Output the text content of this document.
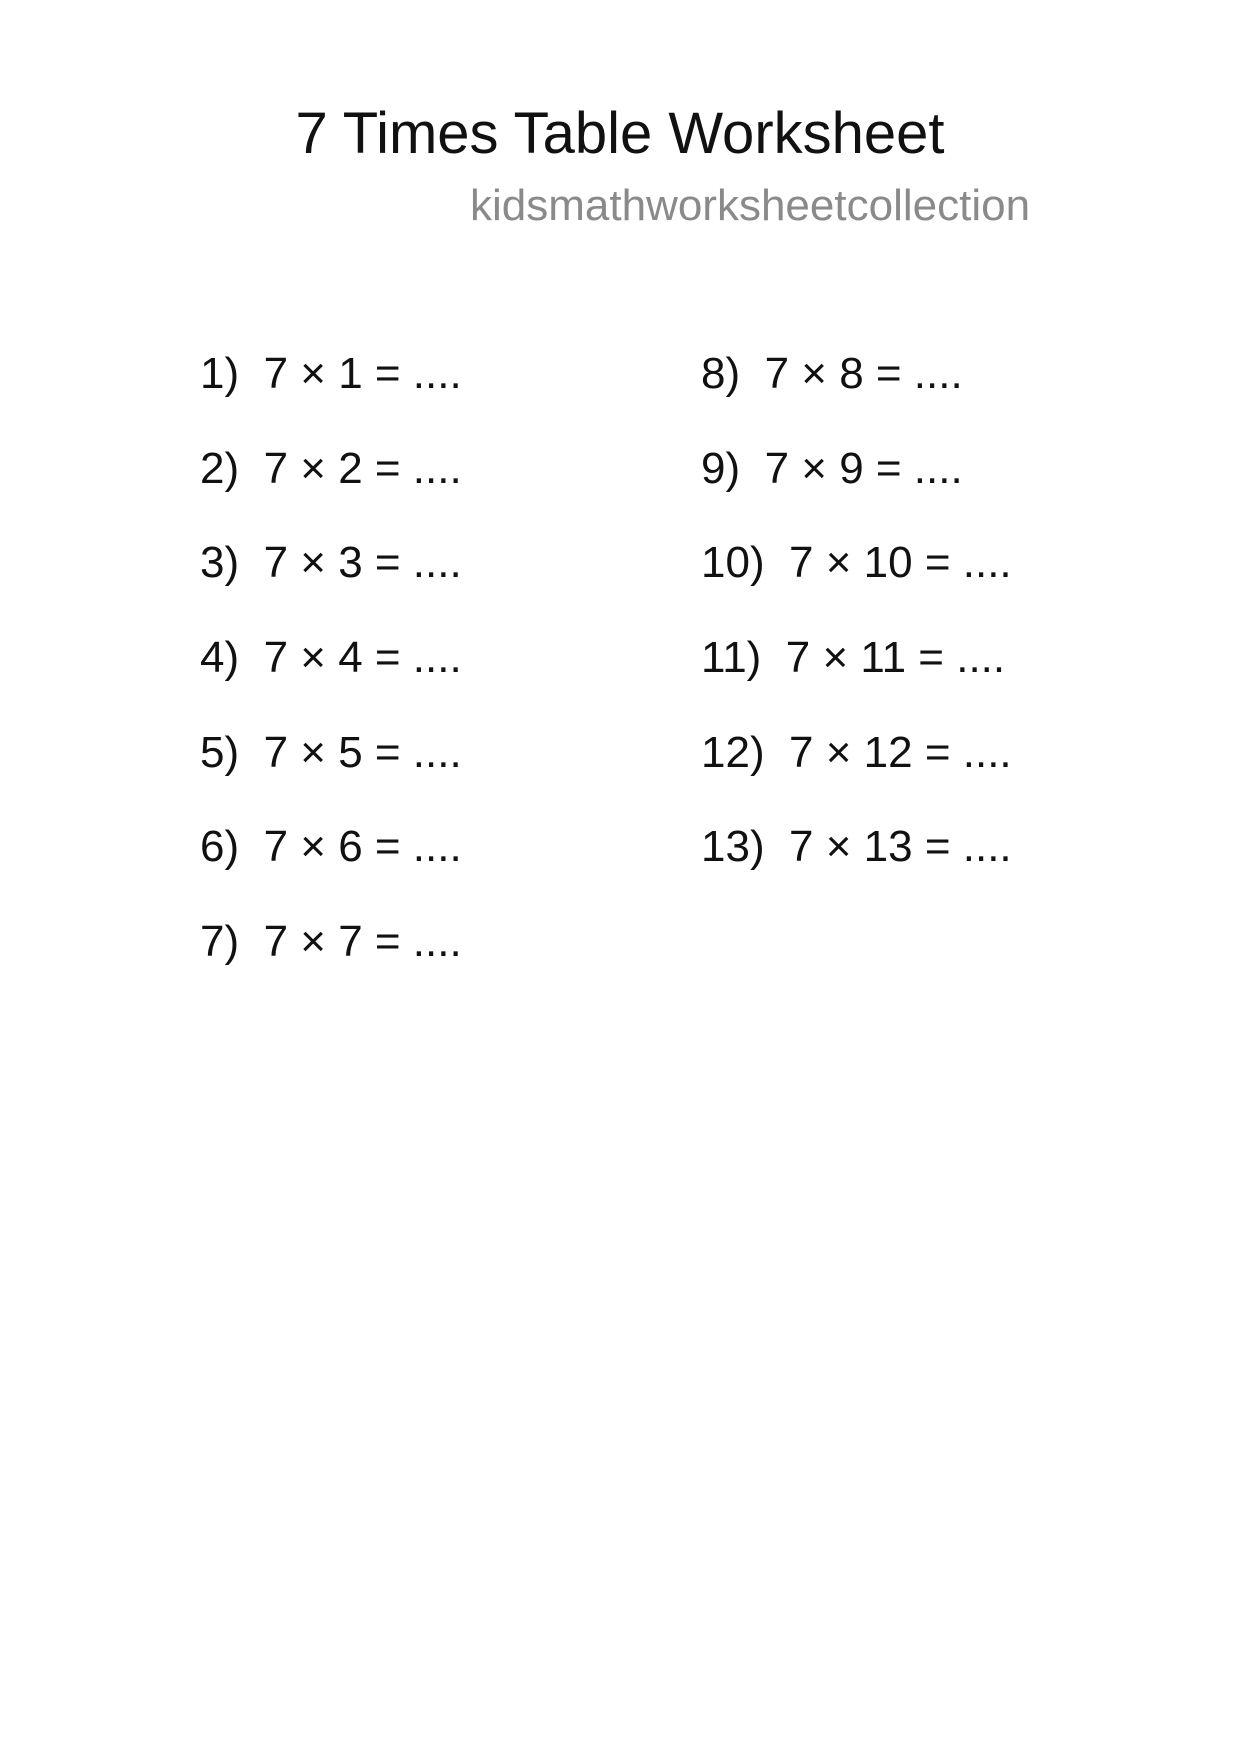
7 Times Table Worksheet
kidsmathworksheetcollection
1)  7 × 1 = ....
2)  7 × 2 = ....
3)  7 × 3 = ....
4)  7 × 4 = ....
5)  7 × 5 = ....
6)  7 × 6 = ....
7)  7 × 7 = ....
8)  7 × 8 = ....
9)  7 × 9 = ....
10)  7 × 10 = ....
11)  7 × 11 = ....
12)  7 × 12 = ....
13)  7 × 13 = ....
